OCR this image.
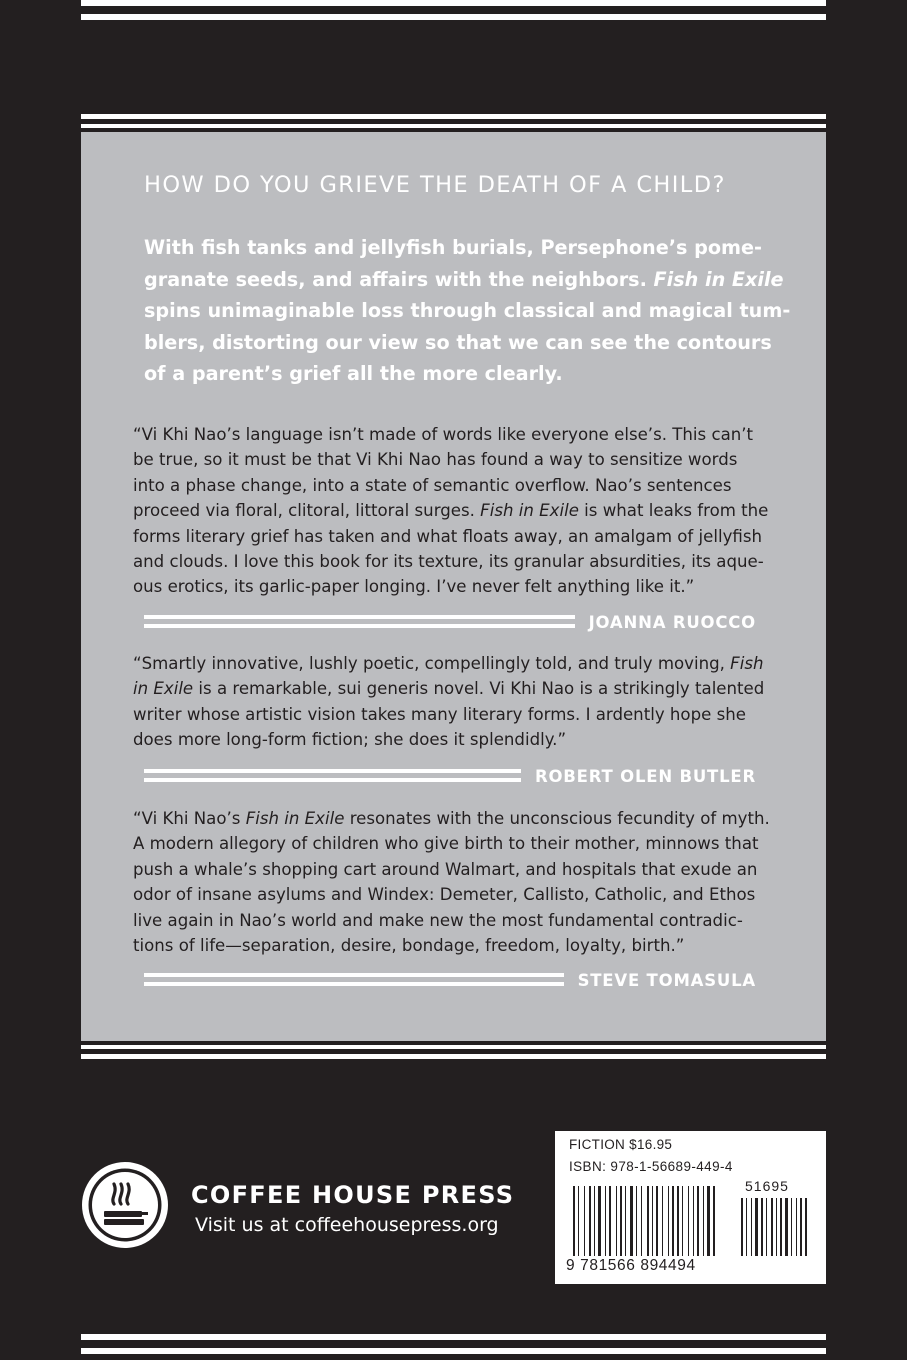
HOW DO YOU GRIEVE THE DEATH OF A CHILD?

With fish tanks and jellyfish burials, Persephone’s pome-

granate seeds, and affairs with the neighbors. Fish in Exile

spins unimaginable loss through classical and magical tum-

blers, distorting our view so that we can see the contours

of a parent’s grief all the more clearly.

“Vi Khi Nao’s language isn’t made of words like everyone else’s. This can’t

be true, so it must be that Vi Khi Nao has found a way to sensitize words

into a phase change, into a state of semantic overflow. Nao’s sentences

proceed via floral, clitoral, littoral surges. Fish in Exile is what leaks from the

forms literary grief has taken and what floats away, an amalgam of jellyfish

and clouds. I love this book for its texture, its granular absurdities, its aque-

ous erotics, its garlic-paper longing. I’ve never felt anything like it.”

JOANNA RUOCCO

“Smartly innovative, lushly poetic, compellingly told, and truly moving, Fish

in Exile is a remarkable, sui generis novel. Vi Khi Nao is a strikingly talented

writer whose artistic vision takes many literary forms. I ardently hope she

does more long-form fiction; she does it splendidly.”

ROBERT OLEN BUTLER

“Vi Khi Nao’s Fish in Exile resonates with the unconscious fecundity of myth.

A modern allegory of children who give birth to their mother, minnows that

push a whale’s shopping cart around Walmart, and hospitals that exude an

odor of insane asylums and Windex: Demeter, Callisto, Catholic, and Ethos

live again in Nao’s world and make new the most fundamental contradic-

tions of life—separation, desire, bondage, freedom, loyalty, birth.”

STEVE TOMASULA
COFFEE HOUSE PRESS
Visit us at coffeehousepress.org
FICTION $16.95
ISBN: 978-1-56689-449-4
51695
9 781566 894494
